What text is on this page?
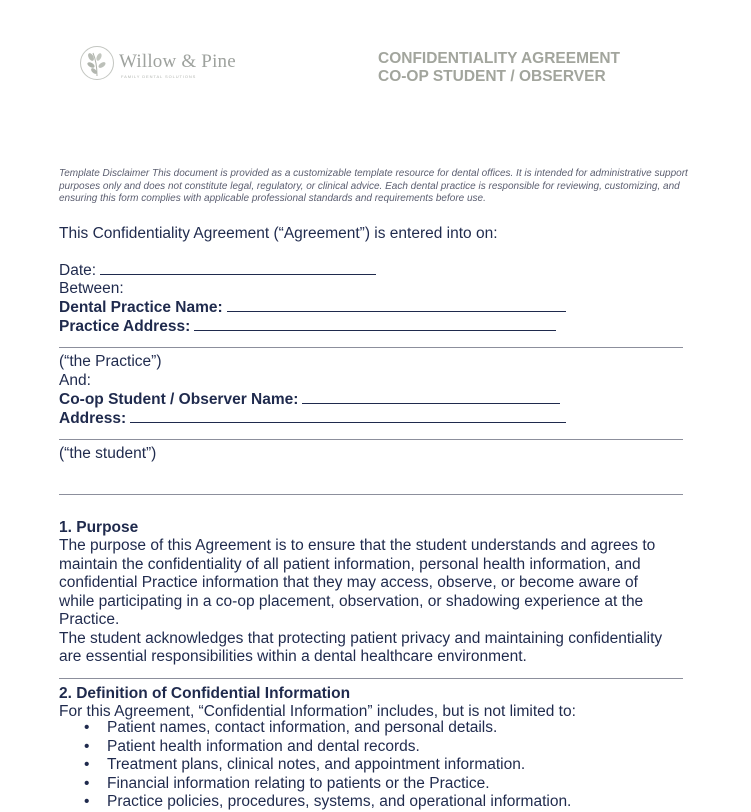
Willow & Pine
FAMILY DENTAL SOLUTIONS
CONFIDENTIALITY AGREEMENT
CO-OP STUDENT / OBSERVER
Template Disclaimer This document is provided as a customizable template resource for dental offices. It is intended for administrative support purposes only and does not constitute legal, regulatory, or clinical advice. Each dental practice is responsible for reviewing, customizing, and ensuring this form complies with applicable professional standards and requirements before use.
This Confidentiality Agreement (“Agreement”) is entered into on:
Date:
Between:
Dental Practice Name:
Practice Address:
(“the Practice”)
And:
Co-op Student / Observer Name:
Address:
(“the student”)
1. Purpose
The purpose of this Agreement is to ensure that the student understands and agrees to
maintain the confidentiality of all patient information, personal health information, and
confidential Practice information that they may access, observe, or become aware of
while participating in a co-op placement, observation, or shadowing experience at the
Practice.
The student acknowledges that protecting patient privacy and maintaining confidentiality
are essential responsibilities within a dental healthcare environment.
2. Definition of Confidential Information
For this Agreement, “Confidential Information” includes, but is not limited to:
• Patient names, contact information, and personal details.
• Patient health information and dental records.
• Treatment plans, clinical notes, and appointment information.
• Financial information relating to patients or the Practice.
• Practice policies, procedures, systems, and operational information.
